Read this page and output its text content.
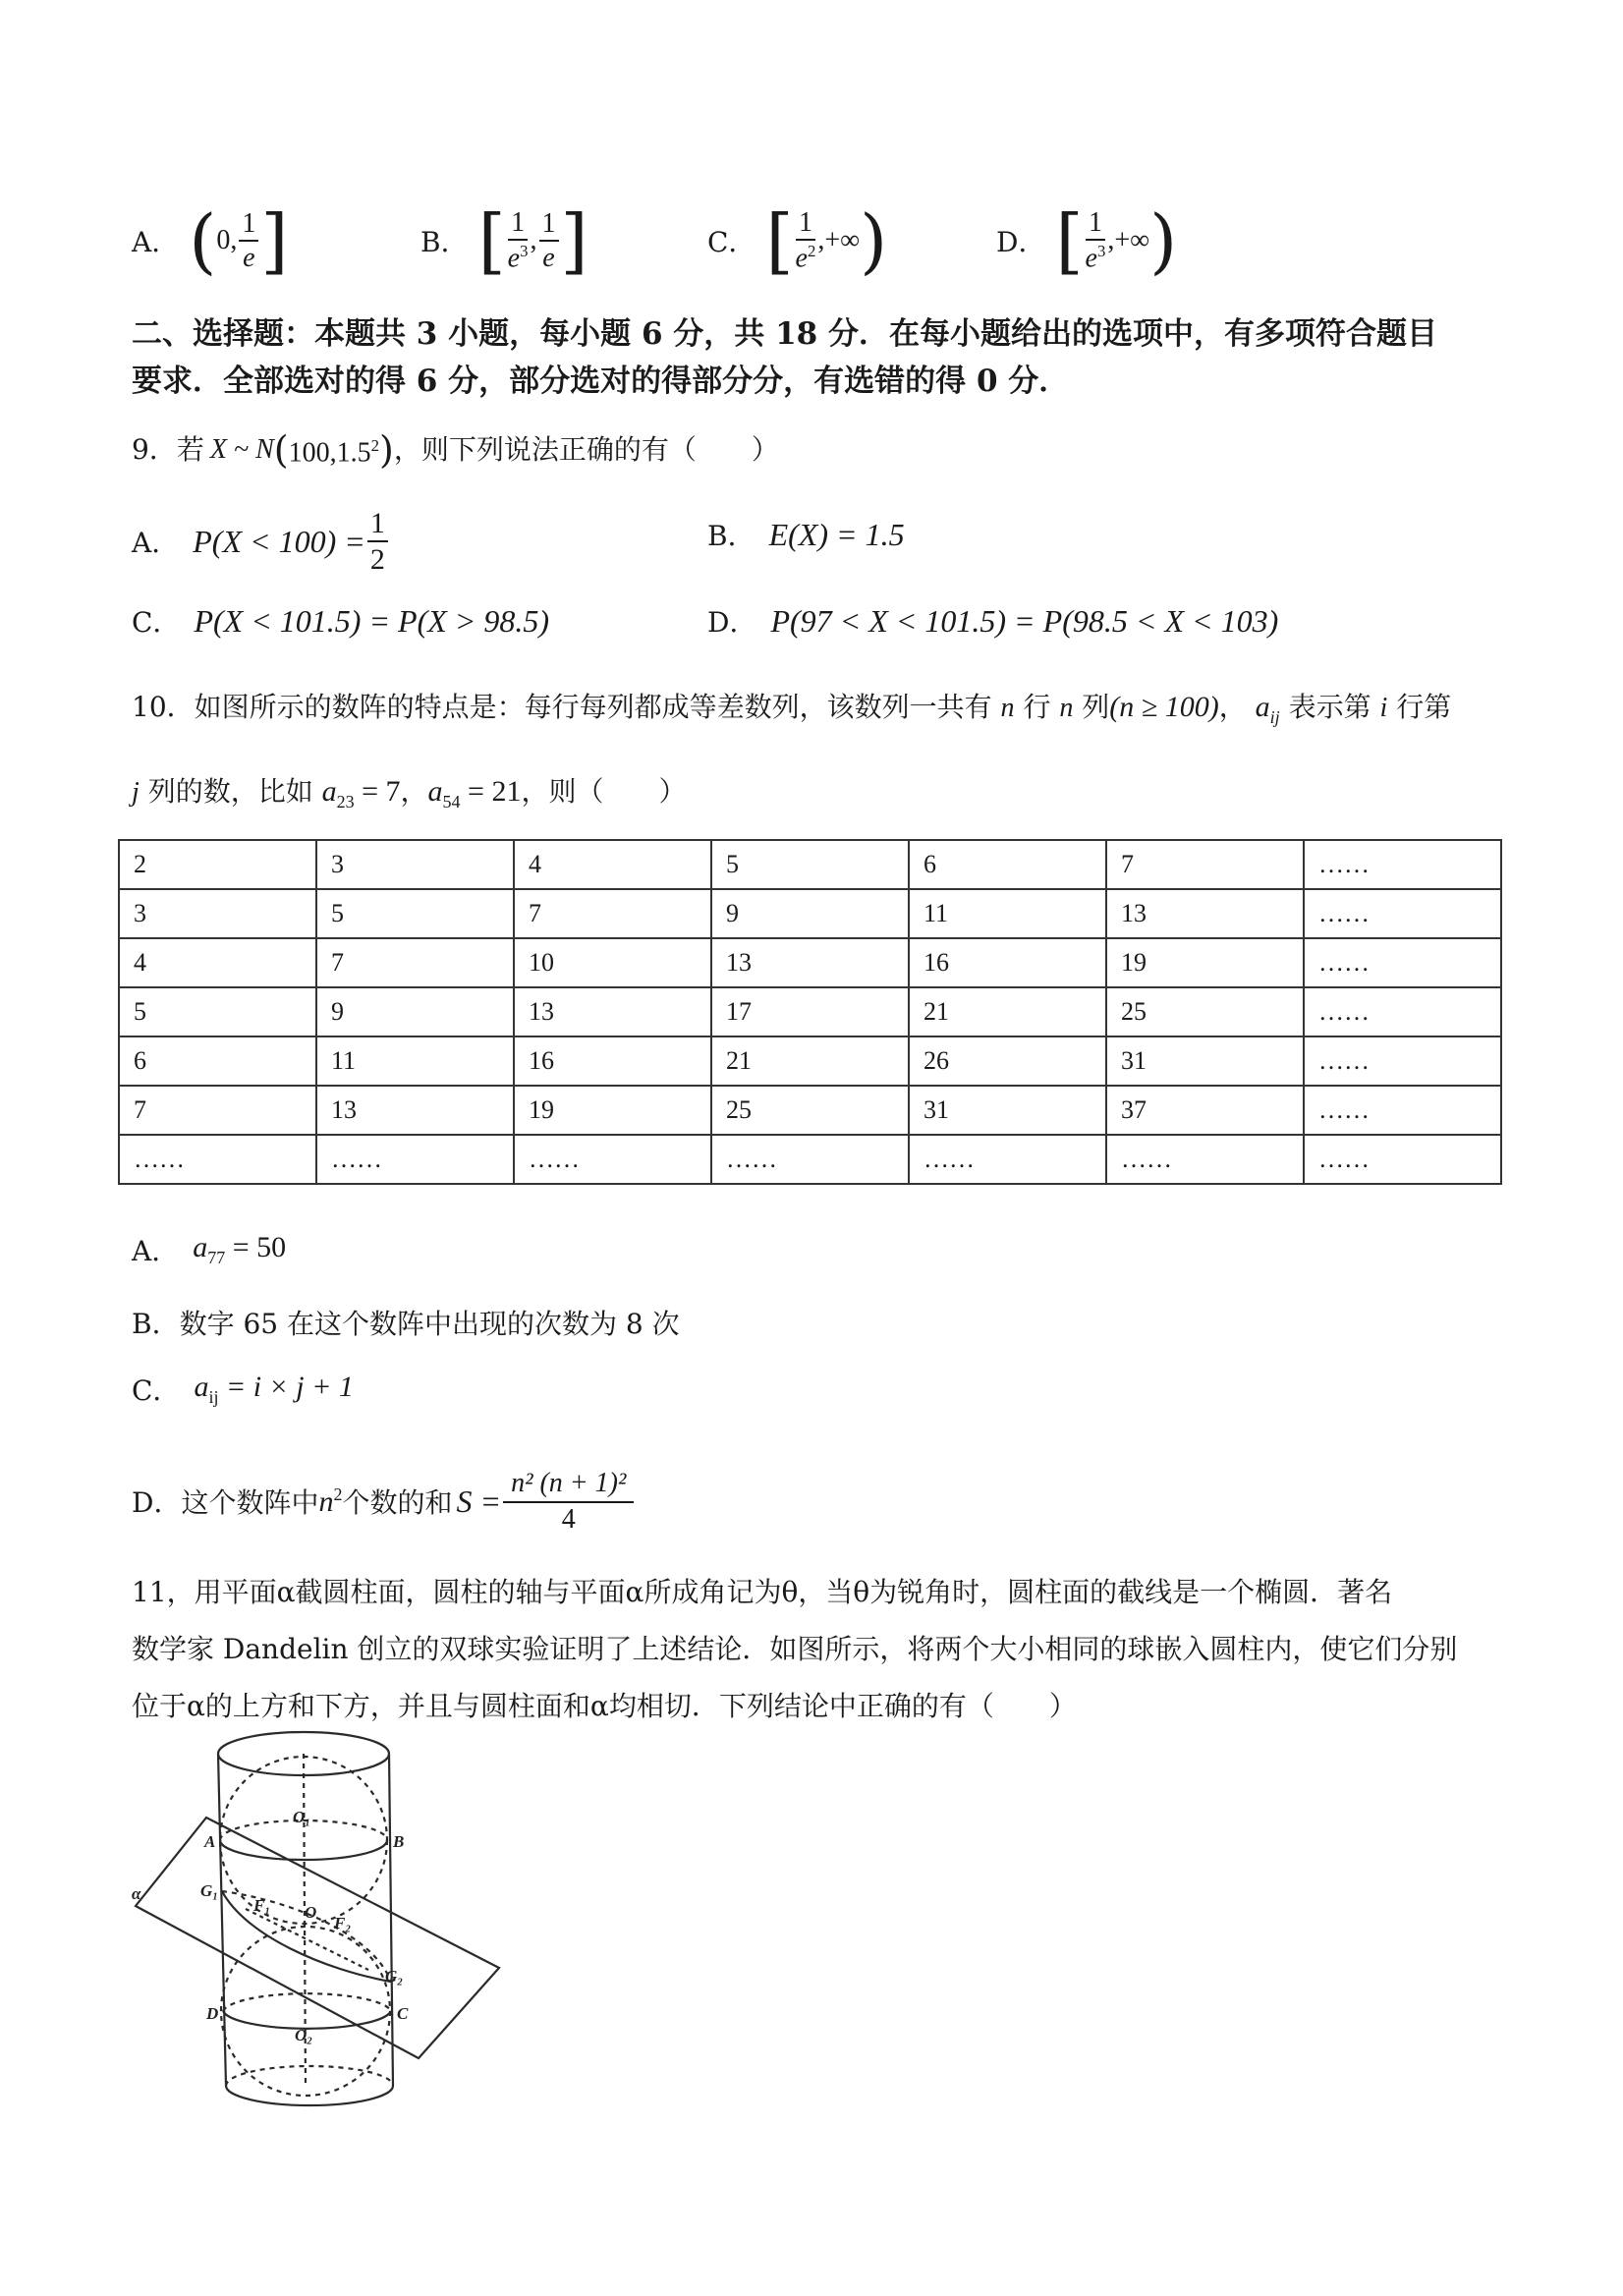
A． ( 0, $\frac{1}{e}$ ]	B． [ $\frac{1}{e^3}$ , $\frac{1}{e}$ ]	C． [ $\frac{1}{e^2}$ ,+∞ )	D． [ $\frac{1}{e^3}$ ,+∞ )
二、选择题：本题共 3 小题，每小题 6 分，共 18 分．在每小题给出的选项中，有多项符合题目
要求．全部选对的得 6 分，部分选对的得部分分，有选错的得 0 分．
9．若 X ~ N ( 100,1.5$^2$ ) ，则下列说法正确的有（　　）
A． $P(X < 100) = \frac{1}{2}$	B． E(X) = 1.5
C． P(X < 101.5) = P(X > 98.5)	D． P(97 < X < 101.5) = P(98.5 < X < 103)
10．如图所示的数阵的特点是：每行每列都成等差数列，该数列一共有 n 行 n 列(n ≥ 100)， $a_{ij}$ 表示第 i 行第
j 列的数，比如 $a_{23} = 7$，$a_{54} = 21$，则（　　）
2	3	4	5	6	7	……
3	5	7	9	11	13	……
4	7	10	13	16	19	……
5	9	13	17	21	25	……
6	11	16	21	26	31	……
7	13	19	25	31	37	……
……	……	……	……	……	……	……
A． $a_{77} = 50$
B．数字 65 在这个数阵中出现的次数为 8 次
C． $a_{ij} = i \times j + 1$
D．这个数阵中 $n^2$ 个数的和 $S = \frac{\text{n² (n + 1)²}}{4}$
11，用平面α截圆柱面，圆柱的轴与平面α所成角记为θ，当θ为锐角时，圆柱面的截线是一个椭圆．著名
数学家 Dandelin 创立的双球实验证明了上述结论．如图所示，将两个大小相同的球嵌入圆柱内，使它们分别
位于α的上方和下方，并且与圆柱面和α均相切．下列结论中正确的有（　　）
O₁
A	B
G₁
α
F₁ O
F₂
G₂
D	C
O₂
